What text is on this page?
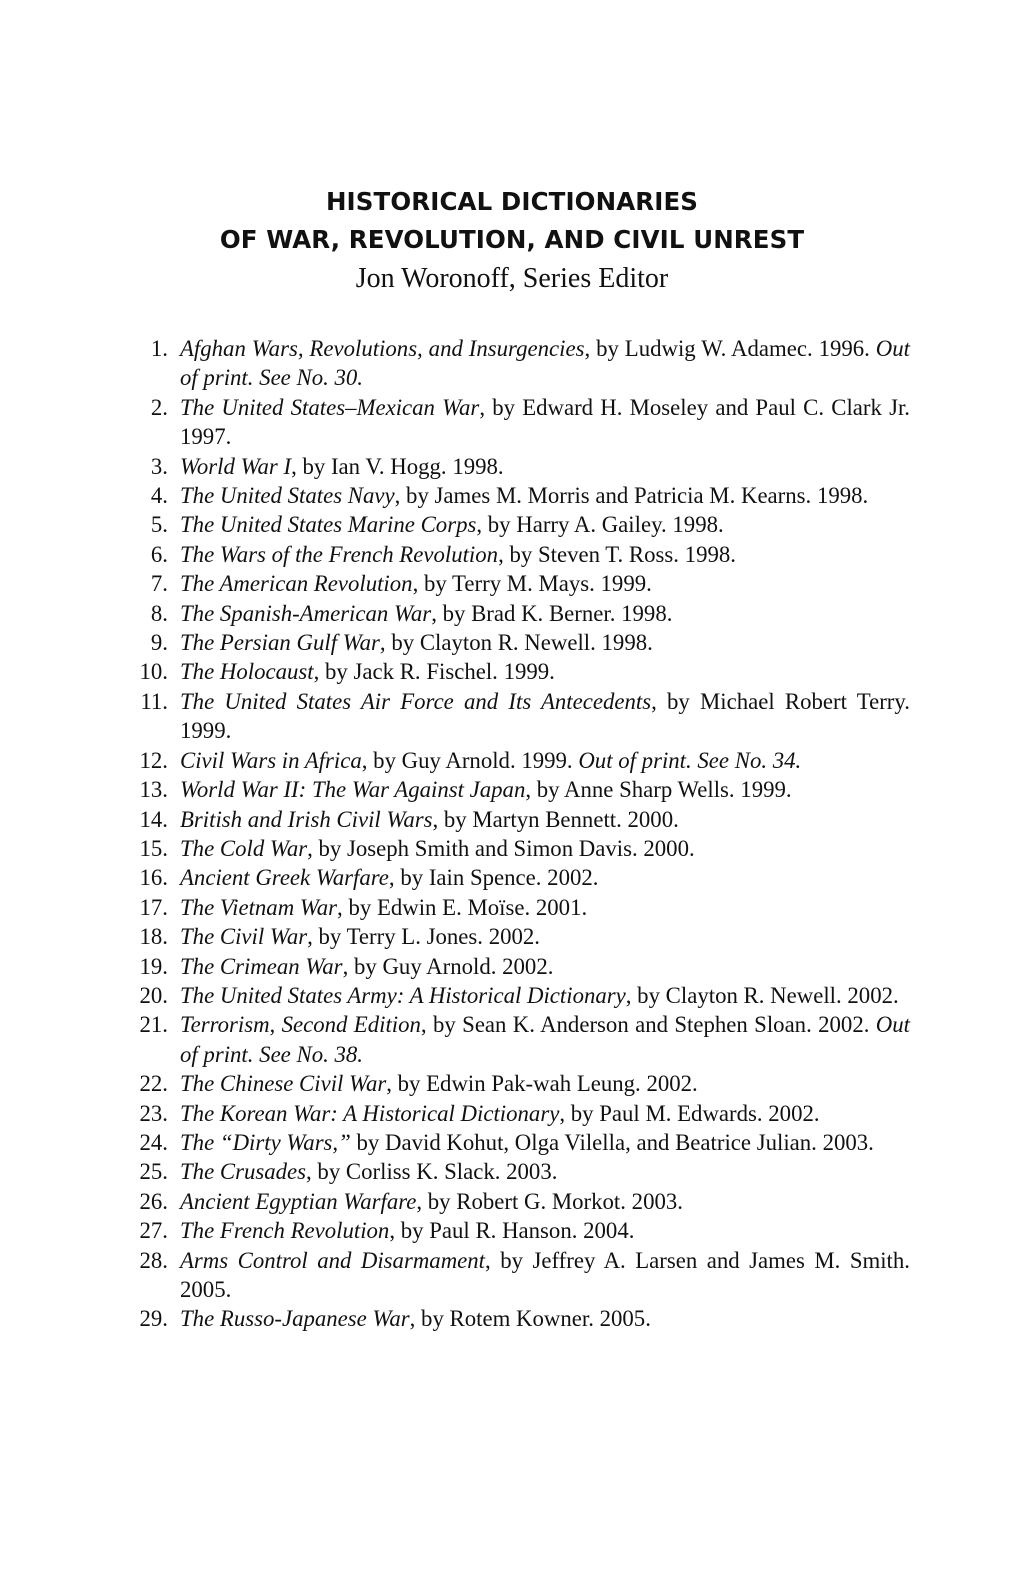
HISTORICAL DICTIONARIES
OF WAR, REVOLUTION, AND CIVIL UNREST
Jon Woronoff, Series Editor
1. Afghan Wars, Revolutions, and Insurgencies, by Ludwig W. Adamec. 1996. Out of print. See No. 30.
2. The United States–Mexican War, by Edward H. Moseley and Paul C. Clark Jr. 1997.
3. World War I, by Ian V. Hogg. 1998.
4. The United States Navy, by James M. Morris and Patricia M. Kearns. 1998.
5. The United States Marine Corps, by Harry A. Gailey. 1998.
6. The Wars of the French Revolution, by Steven T. Ross. 1998.
7. The American Revolution, by Terry M. Mays. 1999.
8. The Spanish-American War, by Brad K. Berner. 1998.
9. The Persian Gulf War, by Clayton R. Newell. 1998.
10. The Holocaust, by Jack R. Fischel. 1999.
11. The United States Air Force and Its Antecedents, by Michael Robert Terry. 1999.
12. Civil Wars in Africa, by Guy Arnold. 1999. Out of print. See No. 34.
13. World War II: The War Against Japan, by Anne Sharp Wells. 1999.
14. British and Irish Civil Wars, by Martyn Bennett. 2000.
15. The Cold War, by Joseph Smith and Simon Davis. 2000.
16. Ancient Greek Warfare, by Iain Spence. 2002.
17. The Vietnam War, by Edwin E. Moïse. 2001.
18. The Civil War, by Terry L. Jones. 2002.
19. The Crimean War, by Guy Arnold. 2002.
20. The United States Army: A Historical Dictionary, by Clayton R. Newell. 2002.
21. Terrorism, Second Edition, by Sean K. Anderson and Stephen Sloan. 2002. Out of print. See No. 38.
22. The Chinese Civil War, by Edwin Pak-wah Leung. 2002.
23. The Korean War: A Historical Dictionary, by Paul M. Edwards. 2002.
24. The “Dirty Wars,” by David Kohut, Olga Vilella, and Beatrice Julian. 2003.
25. The Crusades, by Corliss K. Slack. 2003.
26. Ancient Egyptian Warfare, by Robert G. Morkot. 2003.
27. The French Revolution, by Paul R. Hanson. 2004.
28. Arms Control and Disarmament, by Jeffrey A. Larsen and James M. Smith. 2005.
29. The Russo-Japanese War, by Rotem Kowner. 2005.
